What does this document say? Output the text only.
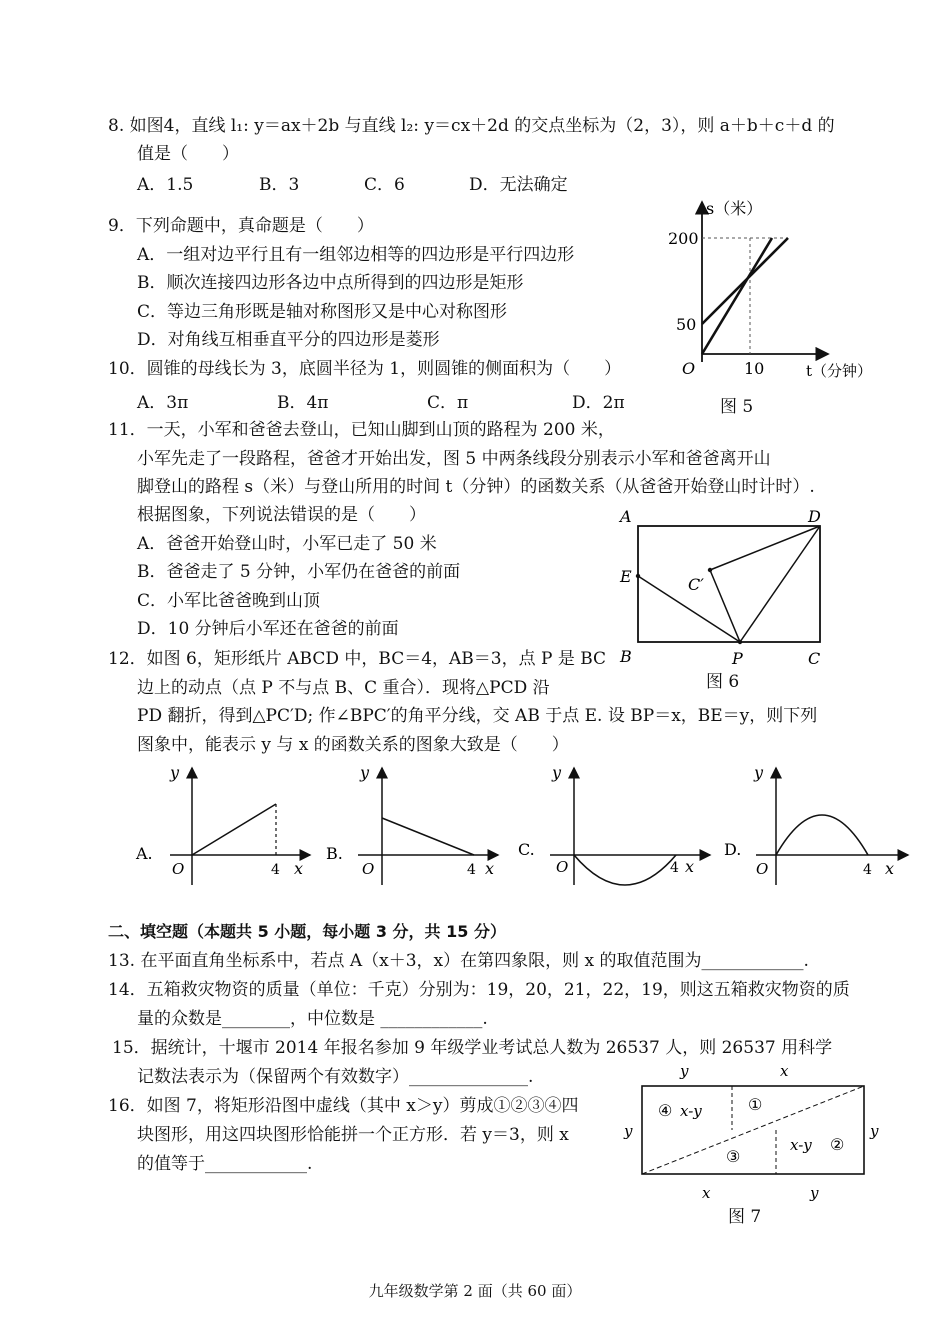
8. 如图4，直线 l₁: y＝ax＋2b 与直线 l₂: y＝cx＋2d 的交点坐标为（2，3），则 a＋b＋c＋d 的
值是（　　）
A．1.5	B．3	C．6	D．无法确定
9．下列命题中，真命题是（　　）
A．一组对边平行且有一组邻边相等的四边形是平行四边形
B．顺次连接四边形各边中点所得到的四边形是矩形
C．等边三角形既是轴对称图形又是中心对称图形
D．对角线互相垂直平分的四边形是菱形
10．圆锥的母线长为 3，底圆半径为 1，则圆锥的侧面积为（　　）
A．3π	B．4π	C．π	D．2π
s（米）
200
50
O	10	t（分钟）
图 5
11．一天，小军和爸爸去登山，已知山脚到山顶的路程为 200 米，
小军先走了一段路程，爸爸才开始出发，图 5 中两条线段分别表示小军和爸爸离开山
脚登山的路程 s（米）与登山所用的时间 t（分钟）的函数关系（从爸爸开始登山时计时）.
根据图象，下列说法错误的是（　　）
A．爸爸开始登山时，小军已走了 50 米
B．爸爸走了 5 分钟，小军仍在爸爸的前面
C．小军比爸爸晚到山顶
D．10 分钟后小军还在爸爸的前面
A	D
E	C′
B	P	C
图 6
12．如图 6，矩形纸片 ABCD 中，BC＝4，AB＝3，点 P 是 BC
边上的动点（点 P 不与点 B、C 重合）．现将△PCD 沿
PD 翻折，得到△PC′D; 作∠BPC′的角平分线，交 AB 于点 E. 设 BP＝x，BE＝y，则下列
图象中，能表示 y 与 x 的函数关系的图象大致是（　　）
A.
y
O	4 x
B.
y
O	4 x
C.
y
O	4 x
D.
y
O	4 x
二、填空题（本题共 5 小题，每小题 3 分，共 15 分）
13. 在平面直角坐标系中，若点 A（x＋3，x）在第四象限，则 x 的取值范围为____________.
14．五箱救灾物资的质量（单位：千克）分别为：19，20，21，22，19，则这五箱救灾物资的质
量的众数是________，中位数是 ____________.
15．据统计，十堰市 2014 年报名参加 9 年级学业考试总人数为 26537 人，则 26537 用科学
记数法表示为（保留两个有效数字）______________.
16．如图 7，将矩形沿图中虚线（其中 x＞y）剪成①②③④四
块图形，用这四块图形恰能拼一个正方形．若 y＝3，则 x
的值等于____________.
y	x
y	y
x	y
④ x-y	①
③
x-y ②
图 7
九年级数学第 2 面（共 60 面）
